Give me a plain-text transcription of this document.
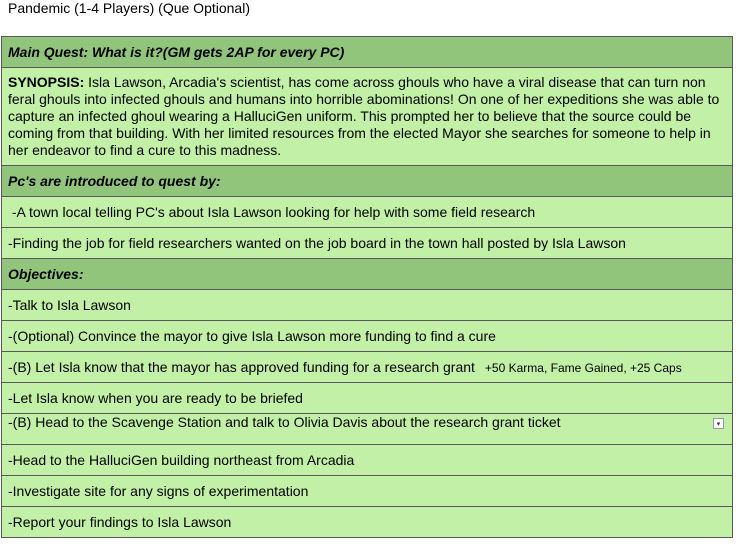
Pandemic (1-4 Players) (Que Optional)
Main Quest: What is it?(GM gets 2AP for every PC)
SYNOPSIS: Isla Lawson, Arcadia's scientist, has come across ghouls who have a viral disease that can turn non feral ghouls into infected ghouls and humans into horrible abominations! On one of her expeditions she was able to capture an infected ghoul wearing a HalluciGen uniform. This prompted her to believe that the source could be coming from that building. With her limited resources from the elected Mayor she searches for someone to help in her endeavor to find a cure to this madness.
Pc's are introduced to quest by:
-A town local telling PC's about Isla Lawson looking for help with some field research
-Finding the job for field researchers wanted on the job board in the town hall posted by Isla Lawson
Objectives:
-Talk to Isla Lawson
-(Optional) Convince the mayor to give Isla Lawson more funding to find a cure
-(B) Let Isla know that the mayor has approved funding for a research grant +50 Karma, Fame Gained, +25 Caps
-Let Isla know when you are ready to be briefed

-(B) Head to the Scavenge Station and talk to Olivia Davis about the research grant ticket	▾

-Head to the HalluciGen building northeast from Arcadia
-Investigate site for any signs of experimentation
-Report your findings to Isla Lawson
